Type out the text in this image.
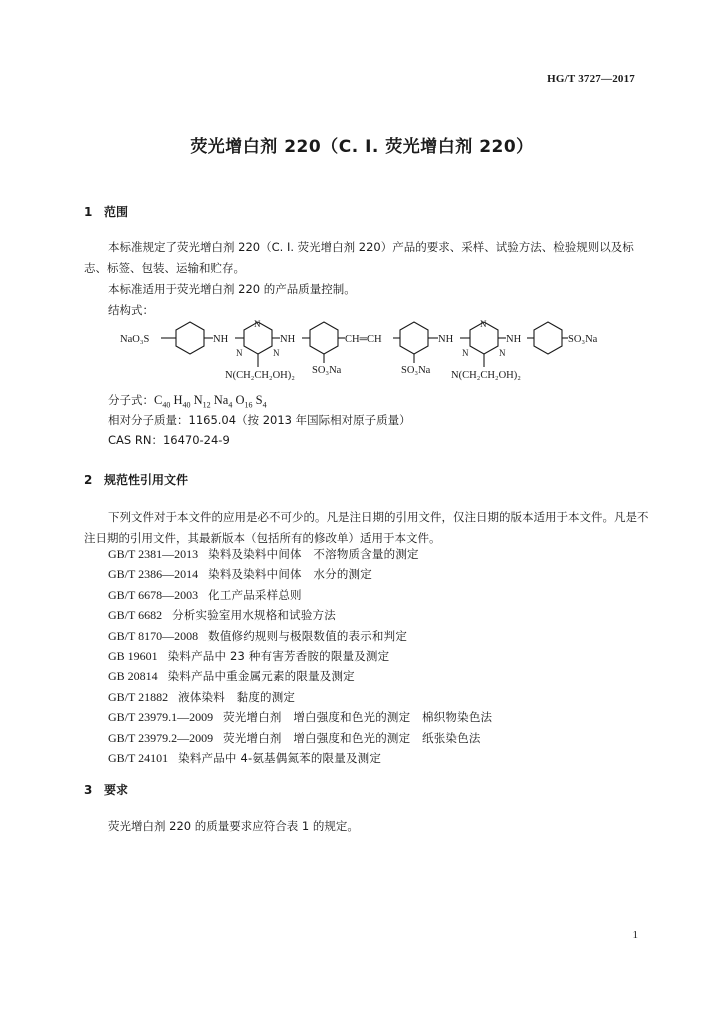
HG/T 3727—2017
荧光增白剂 220（C. I. 荧光增白剂 220）
1 范围
本标准规定了荧光增白剂 220（C. I. 荧光增白剂 220）产品的要求、采样、试验方法、检验规则以及标志、标签、包装、运输和贮存。
本标准适用于荧光增白剂 220 的产品质量控制。
结构式：
NaO₃S	NH
N
N	N
NH
N(CH₂CH₂OH)₂ SO₃Na
CH═CH
SO₃Na
NH
N
N	N
NH
N(CH₂CH₂OH)₂
SO₃Na
分子式：$C_{40}$ $H_{40}$ $N_{12}$ $Na_4$ $O_{16}$ $S_4$
相对分子质量：1165.04（按 2013 年国际相对原子质量）
CAS RN：16470-24-9
2 规范性引用文件
下列文件对于本文件的应用是必不可少的。凡是注日期的引用文件，仅注日期的版本适用于本文件。凡是不注日期的引用文件，其最新版本（包括所有的修改单）适用于本文件。
GB/T 2381—2013 染料及染料中间体　不溶物质含量的测定
GB/T 2386—2014 染料及染料中间体　水分的测定
GB/T 6678—2003 化工产品采样总则
GB/T 6682 分析实验室用水规格和试验方法
GB/T 8170—2008 数值修约规则与极限数值的表示和判定
GB 19601 染料产品中 23 种有害芳香胺的限量及测定
GB 20814 染料产品中重金属元素的限量及测定
GB/T 21882 液体染料　黏度的测定
GB/T 23979.1—2009 荧光增白剂　增白强度和色光的测定　棉织物染色法
GB/T 23979.2—2009 荧光增白剂　增白强度和色光的测定　纸张染色法
GB/T 24101 染料产品中 4-氨基偶氮苯的限量及测定
3 要求
荧光增白剂 220 的质量要求应符合表 1 的规定。
1
